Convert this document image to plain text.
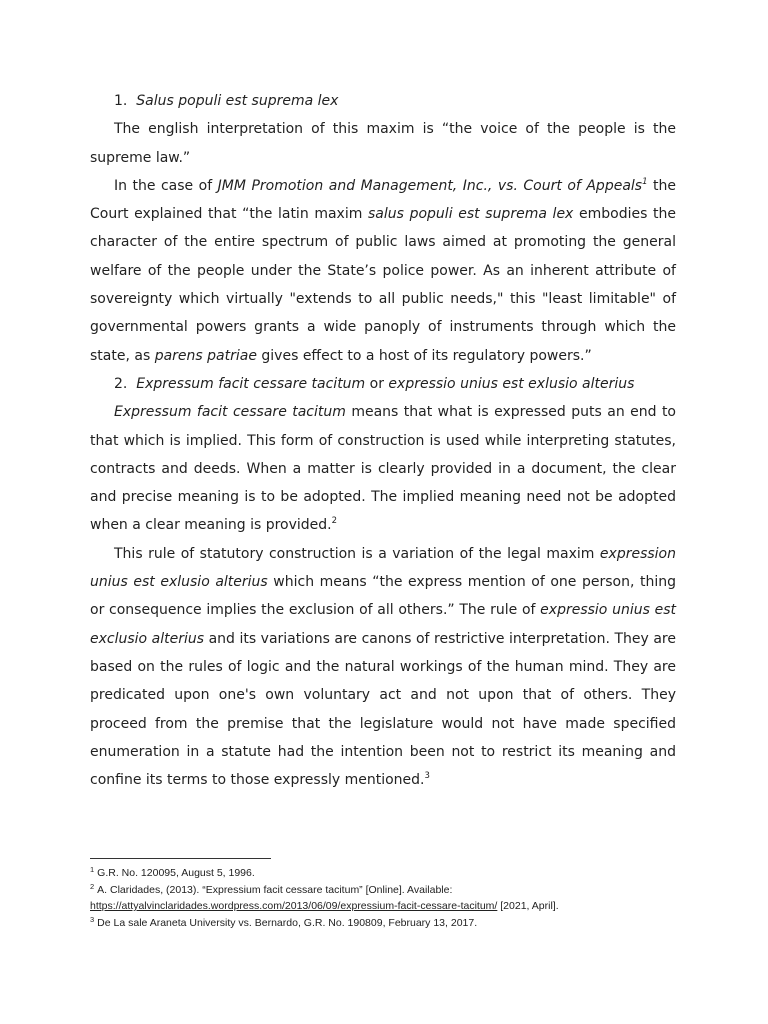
1. Salus populi est suprema lex

The english interpretation of this maxim is “the voice of the people is the supreme law.”

In the case of JMM Promotion and Management, Inc., vs. Court of Appeals$^1$ the Court explained that “the latin maxim salus populi est suprema lex embodies the character of the entire spectrum of public laws aimed at promoting the general welfare of the people under the State’s police power. As an inherent attribute of sovereignty which virtually "extends to all public needs," this "least limitable" of governmental powers grants a wide panoply of instruments through which the state, as parens patriae gives effect to a host of its regulatory powers.”

2. Expressum facit cessare tacitum or expressio unius est exlusio alterius

Expressum facit cessare tacitum means that what is expressed puts an end to that which is implied. This form of construction is used while interpreting statutes, contracts and deeds. When a matter is clearly provided in a document, the clear and precise meaning is to be adopted. The implied meaning need not be adopted when a clear meaning is provided.$^2$

This rule of statutory construction is a variation of the legal maxim expression unius est exlusio alterius which means “the express mention of one person, thing or consequence implies the exclusion of all others.” The rule of expressio unius est exclusio alterius and its variations are canons of restrictive interpretation. They are based on the rules of logic and the natural workings of the human mind. They are predicated upon one's own voluntary act and not upon that of others. They proceed from the premise that the legislature would not have made specified enumeration in a statute had the intention been not to restrict its meaning and confine its terms to those expressly mentioned.$^3$

$^1$ G.R. No. 120095, August 5, 1996.

$^2$ A. Claridades, (2013). “Expressium facit cessare tacitum” [Online]. Available:

https://attyalvinclaridades.wordpress.com/2013/06/09/expressium-facit-cessare-tacitum/ [2021, April].

$^3$ De La sale Araneta University vs. Bernardo, G.R. No. 190809, February 13, 2017.
